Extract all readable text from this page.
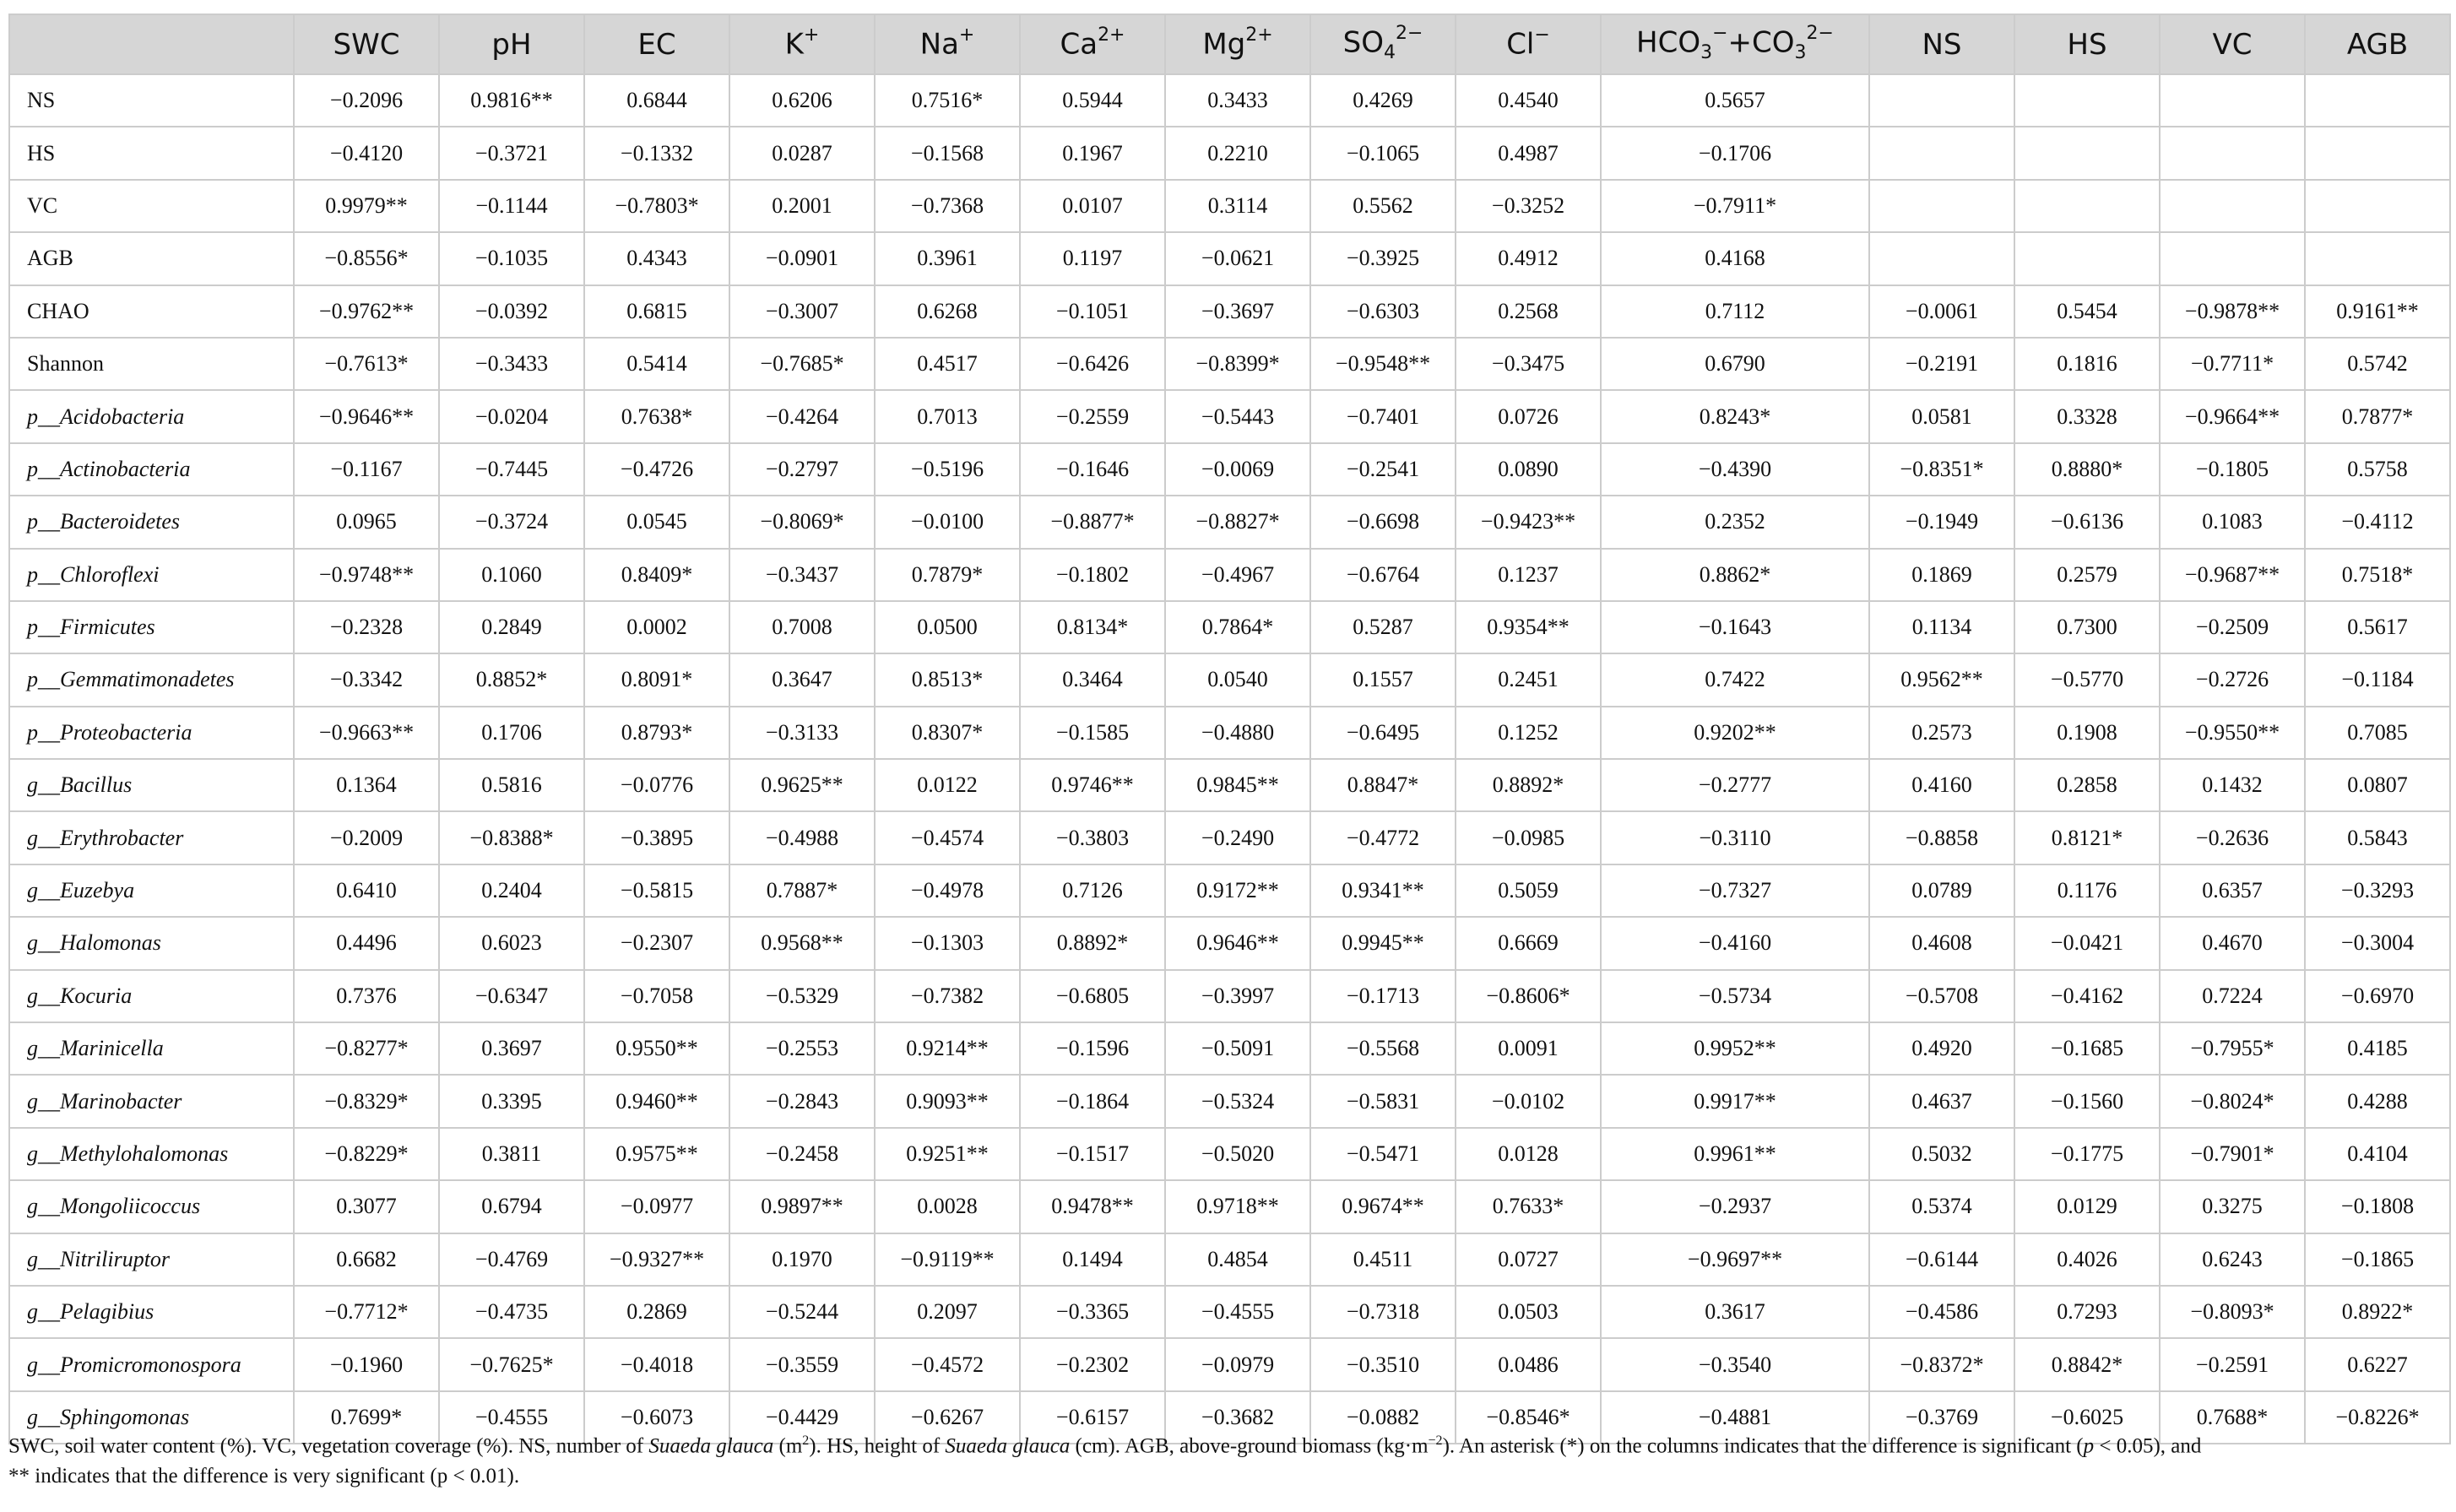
	SWC	pH	EC	K+	Na+	$Ca^{2+}$	$Mg^{2+}$	$SO_4^{2-}$	Cl−	$HCO_3^-+CO_3^{2-}$	NS	HS	VC	AGB
NS	−0.2096	0.9816**	0.6844	0.6206	0.7516*	0.5944	0.3433	0.4269	0.4540	0.5657				
HS	−0.4120	−0.3721	−0.1332	0.0287	−0.1568	0.1967	0.2210	−0.1065	0.4987	−0.1706				
VC	0.9979**	−0.1144	−0.7803*	0.2001	−0.7368	0.0107	0.3114	0.5562	−0.3252	−0.7911*				
AGB	−0.8556*	−0.1035	0.4343	−0.0901	0.3961	0.1197	−0.0621	−0.3925	0.4912	0.4168				
CHAO	−0.9762**	−0.0392	0.6815	−0.3007	0.6268	−0.1051	−0.3697	−0.6303	0.2568	0.7112	−0.0061	0.5454	−0.9878**	0.9161**
Shannon	−0.7613*	−0.3433	0.5414	−0.7685*	0.4517	−0.6426	−0.8399*	−0.9548**	−0.3475	0.6790	−0.2191	0.1816	−0.7711*	0.5742
p__Acidobacteria	−0.9646**	−0.0204	0.7638*	−0.4264	0.7013	−0.2559	−0.5443	−0.7401	0.0726	0.8243*	0.0581	0.3328	−0.9664**	0.7877*
p__Actinobacteria	−0.1167	−0.7445	−0.4726	−0.2797	−0.5196	−0.1646	−0.0069	−0.2541	0.0890	−0.4390	−0.8351*	0.8880*	−0.1805	0.5758
p__Bacteroidetes	0.0965	−0.3724	0.0545	−0.8069*	−0.0100	−0.8877*	−0.8827*	−0.6698	−0.9423**	0.2352	−0.1949	−0.6136	0.1083	−0.4112
p__Chloroflexi	−0.9748**	0.1060	0.8409*	−0.3437	0.7879*	−0.1802	−0.4967	−0.6764	0.1237	0.8862*	0.1869	0.2579	−0.9687**	0.7518*
p__Firmicutes	−0.2328	0.2849	0.0002	0.7008	0.0500	0.8134*	0.7864*	0.5287	0.9354**	−0.1643	0.1134	0.7300	−0.2509	0.5617
p__Gemmatimonadetes	−0.3342	0.8852*	0.8091*	0.3647	0.8513*	0.3464	0.0540	0.1557	0.2451	0.7422	0.9562**	−0.5770	−0.2726	−0.1184
p__Proteobacteria	−0.9663**	0.1706	0.8793*	−0.3133	0.8307*	−0.1585	−0.4880	−0.6495	0.1252	0.9202**	0.2573	0.1908	−0.9550**	0.7085
g__Bacillus	0.1364	0.5816	−0.0776	0.9625**	0.0122	0.9746**	0.9845**	0.8847*	0.8892*	−0.2777	0.4160	0.2858	0.1432	0.0807
g__Erythrobacter	−0.2009	−0.8388*	−0.3895	−0.4988	−0.4574	−0.3803	−0.2490	−0.4772	−0.0985	−0.3110	−0.8858	0.8121*	−0.2636	0.5843
g__Euzebya	0.6410	0.2404	−0.5815	0.7887*	−0.4978	0.7126	0.9172**	0.9341**	0.5059	−0.7327	0.0789	0.1176	0.6357	−0.3293
g__Halomonas	0.4496	0.6023	−0.2307	0.9568**	−0.1303	0.8892*	0.9646**	0.9945**	0.6669	−0.4160	0.4608	−0.0421	0.4670	−0.3004
g__Kocuria	0.7376	−0.6347	−0.7058	−0.5329	−0.7382	−0.6805	−0.3997	−0.1713	−0.8606*	−0.5734	−0.5708	−0.4162	0.7224	−0.6970
g__Marinicella	−0.8277*	0.3697	0.9550**	−0.2553	0.9214**	−0.1596	−0.5091	−0.5568	0.0091	0.9952**	0.4920	−0.1685	−0.7955*	0.4185
g__Marinobacter	−0.8329*	0.3395	0.9460**	−0.2843	0.9093**	−0.1864	−0.5324	−0.5831	−0.0102	0.9917**	0.4637	−0.1560	−0.8024*	0.4288
g__Methylohalomonas	−0.8229*	0.3811	0.9575**	−0.2458	0.9251**	−0.1517	−0.5020	−0.5471	0.0128	0.9961**	0.5032	−0.1775	−0.7901*	0.4104
g__Mongoliicoccus	0.3077	0.6794	−0.0977	0.9897**	0.0028	0.9478**	0.9718**	0.9674**	0.7633*	−0.2937	0.5374	0.0129	0.3275	−0.1808
g__Nitriliruptor	0.6682	−0.4769	−0.9327**	0.1970	−0.9119**	0.1494	0.4854	0.4511	0.0727	−0.9697**	−0.6144	0.4026	0.6243	−0.1865
g__Pelagibius	−0.7712*	−0.4735	0.2869	−0.5244	0.2097	−0.3365	−0.4555	−0.7318	0.0503	0.3617	−0.4586	0.7293	−0.8093*	0.8922*
g__Promicromonospora	−0.1960	−0.7625*	−0.4018	−0.3559	−0.4572	−0.2302	−0.0979	−0.3510	0.0486	−0.3540	−0.8372*	0.8842*	−0.2591	0.6227
g__Sphingomonas	0.7699*	−0.4555	−0.6073	−0.4429	−0.6267	−0.6157	−0.3682	−0.0882	−0.8546*	−0.4881	−0.3769	−0.6025	0.7688*	−0.8226*
SWC, soil water content (%). VC, vegetation coverage (%). NS, number of Suaeda glauca $(m^2)$. HS, height of Suaeda glauca (cm). AGB, above-ground biomass $(kg\cdot m^{-2})$. An asterisk (*) on the columns indicates that the difference is significant (p < 0.05), and
** indicates that the difference is very significant (p < 0.01).
